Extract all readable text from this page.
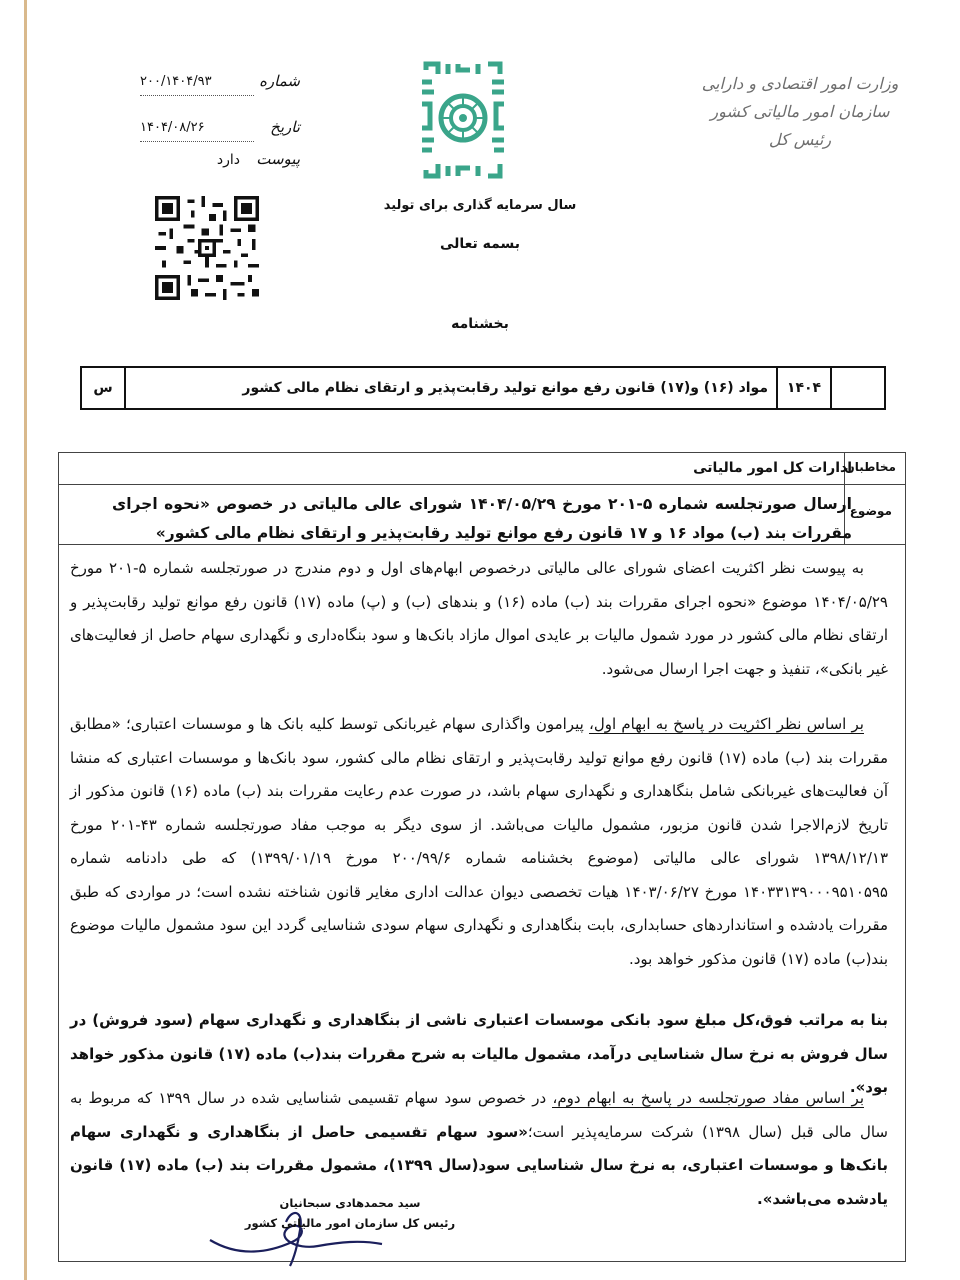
وزارت امور اقتصادی و دارایی
سازمان امور مالیاتی کشور
رئیس کل
شماره
۲۰۰/۱۴۰۴/۹۳
تاریخ
۱۴۰۴/۰۸/۲۶
پیوست
دارد
سال سرمایه گذاری برای تولید
بسمه تعالی
بخشنامه
۱۴۰۴
مواد (۱۶) و(۱۷) قانون رفع موانع تولید رقابت‌پذیر و ارتقای نظام مالی کشور
س
مخاطبان
ادارات کل امور مالیاتی
موضوع
ارسال صورتجلسه شماره ۵-۲۰۱ مورخ ۱۴۰۴/۰۵/۲۹ شورای عالی مالیاتی در خصوص «نحوه اجرای مقررات بند (ب) مواد ۱۶ و ۱۷ قانون رفع موانع تولید رقابت‌پذیر و ارتقای نظام مالی کشور»
به پیوست نظر اکثریت اعضای شورای عالی مالیاتی درخصوص ابهام‌های اول و دوم مندرج در صورتجلسه شماره ۵-۲۰۱ مورخ ۱۴۰۴/۰۵/۲۹ موضوع «نحوه اجرای مقررات بند (ب) ماده (۱۶) و بندهای (ب) و (پ) ماده (۱۷) قانون رفع موانع تولید رقابت‌پذیر و ارتقای نظام مالی کشور در مورد شمول مالیات بر عایدی اموال مازاد بانک‌ها و سود بنگاه‌داری و نگهداری سهام حاصل از فعالیت‌های غیر بانکی»، تنفیذ و جهت اجرا ارسال می‌شود.
بر اساس نظر اکثریت در پاسخ به ابهام اول، پیرامون واگذاری سهام غیربانکی توسط کلیه بانک ها و موسسات اعتباری؛ «مطابق مقررات بند (ب) ماده (۱۷) قانون رفع موانع تولید رقابت‌پذیر و ارتقای نظام مالی کشور، سود بانک‌ها و موسسات اعتباری که منشا آن فعالیت‌های غیربانکی شامل بنگاهداری و نگهداری سهام باشد، در صورت عدم رعایت مقررات بند (ب) ماده (۱۶) قانون مذکور از تاریخ لازم‌الاجرا شدن قانون مزبور، مشمول مالیات می‌باشد. از سوی دیگر به موجب مفاد صورتجلسه شماره ۴۳-۲۰۱ مورخ ۱۳۹۸/۱۲/۱۳ شورای عالی مالیاتی (موضوع بخشنامه شماره ۲۰۰/۹۹/۶ مورخ ۱۳۹۹/۰۱/۱۹) که طی دادنامه شماره ۱۴۰۳۳۱۳۹۰۰۰۹۵۱۰۵۹۵ مورخ ۱۴۰۳/۰۶/۲۷ هیات تخصصی دیوان عدالت اداری مغایر قانون شناخته نشده است؛ در مواردی که طبق مقررات یادشده و استانداردهای حسابداری، بابت بنگاهداری و نگهداری سهام سودی شناسایی گردد این سود مشمول مالیات موضوع بند(ب) ماده (۱۷) قانون مذکور خواهد بود.
بنا به مراتب فوق،کل مبلغ سود بانکی موسسات اعتباری ناشی از بنگاهداری و نگهداری سهام (سود فروش) در سال فروش به نرخ سال شناسایی درآمد، مشمول مالیات به شرح مقررات بند(ب) ماده (۱۷) قانون مذکور خواهد بود».
بر اساس مفاد صورتجلسه در پاسخ به ابهام دوم، در خصوص سود سهام تقسیمی شناسایی شده در سال ۱۳۹۹ که مربوط به سال مالی قبل (سال ۱۳۹۸) شرکت سرمایه‌پذیر است؛«سود سهام تقسیمی حاصل از بنگاهداری و نگهداری سهام بانک‌ها و موسسات اعتباری، به نرخ سال شناسایی سود(سال ۱۳۹۹)، مشمول مقررات بند (ب) ماده (۱۷) قانون یادشده می‌باشد».
سید محمدهادی سبحانیان
رئیس کل سازمان امور مالیاتی کشور
